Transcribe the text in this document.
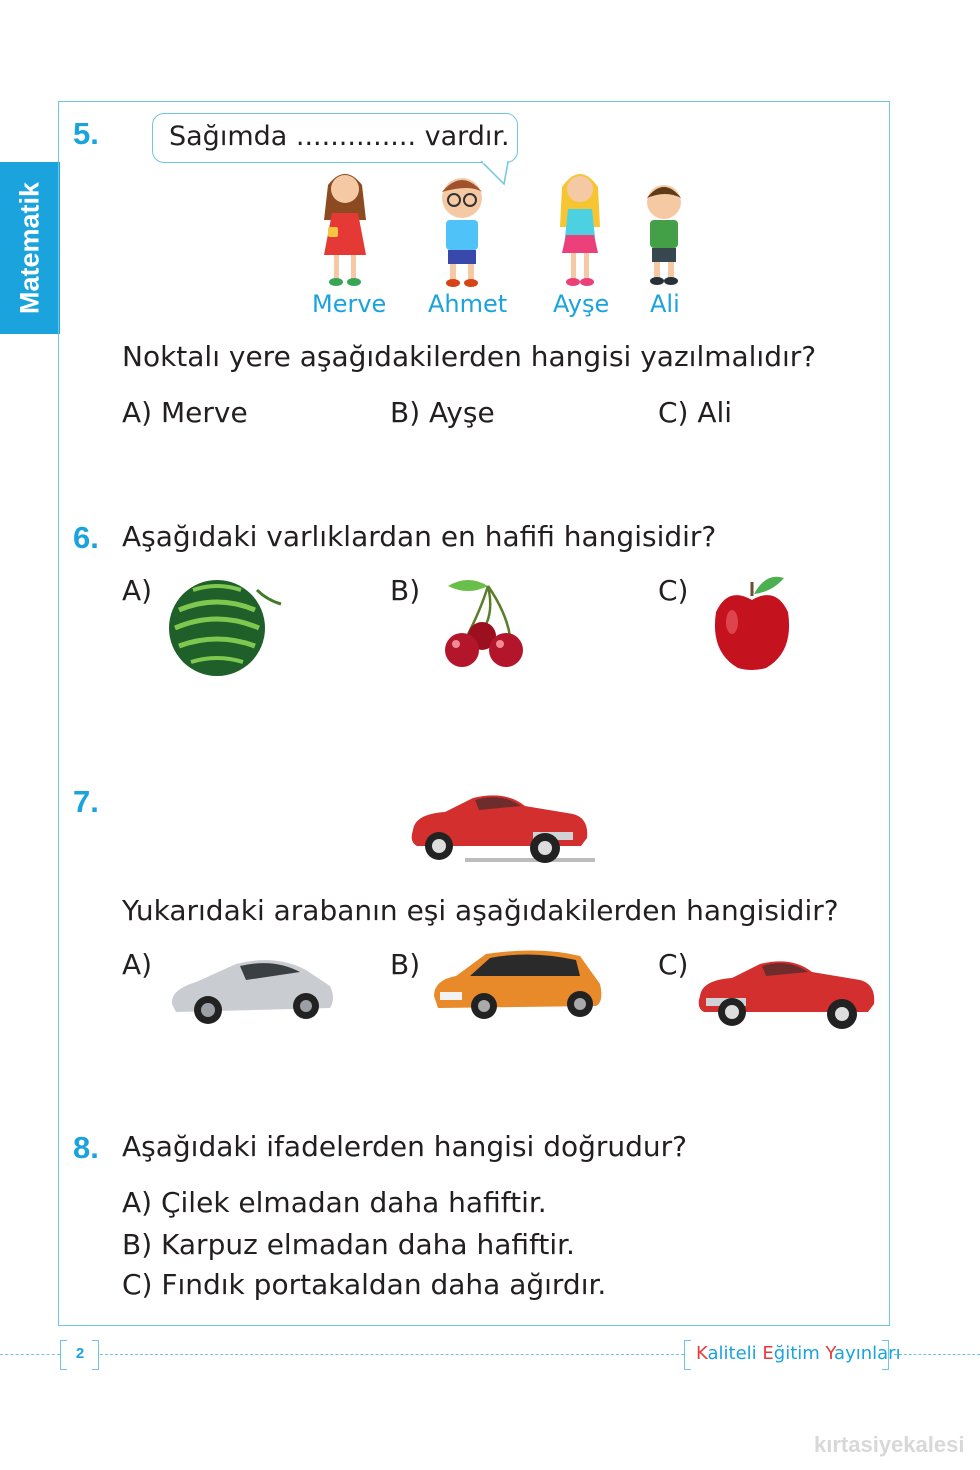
Matematik
5.	Sağımda .............. vardır.
Merve Ahmet Ayşe Ali
Noktalı yere aşağıdakilerden hangisi yazılmalıdır?
A) Merve	B) Ayşe	C) Ali
6. Aşağıdaki varlıklardan en hafifi hangisidir?
A)	B)	C)
7.
Yukarıdaki arabanın eşi aşağıdakilerden hangisidir?
A)	B)	C)
8. Aşağıdaki ifadelerden hangisi doğrudur?
A) Çilek elmadan daha hafiftir.
B) Karpuz elmadan daha hafiftir.
C) Fındık portakaldan daha ağırdır.
2	Kaliteli Eğitim Yayınları
kırtasiyekalesi
